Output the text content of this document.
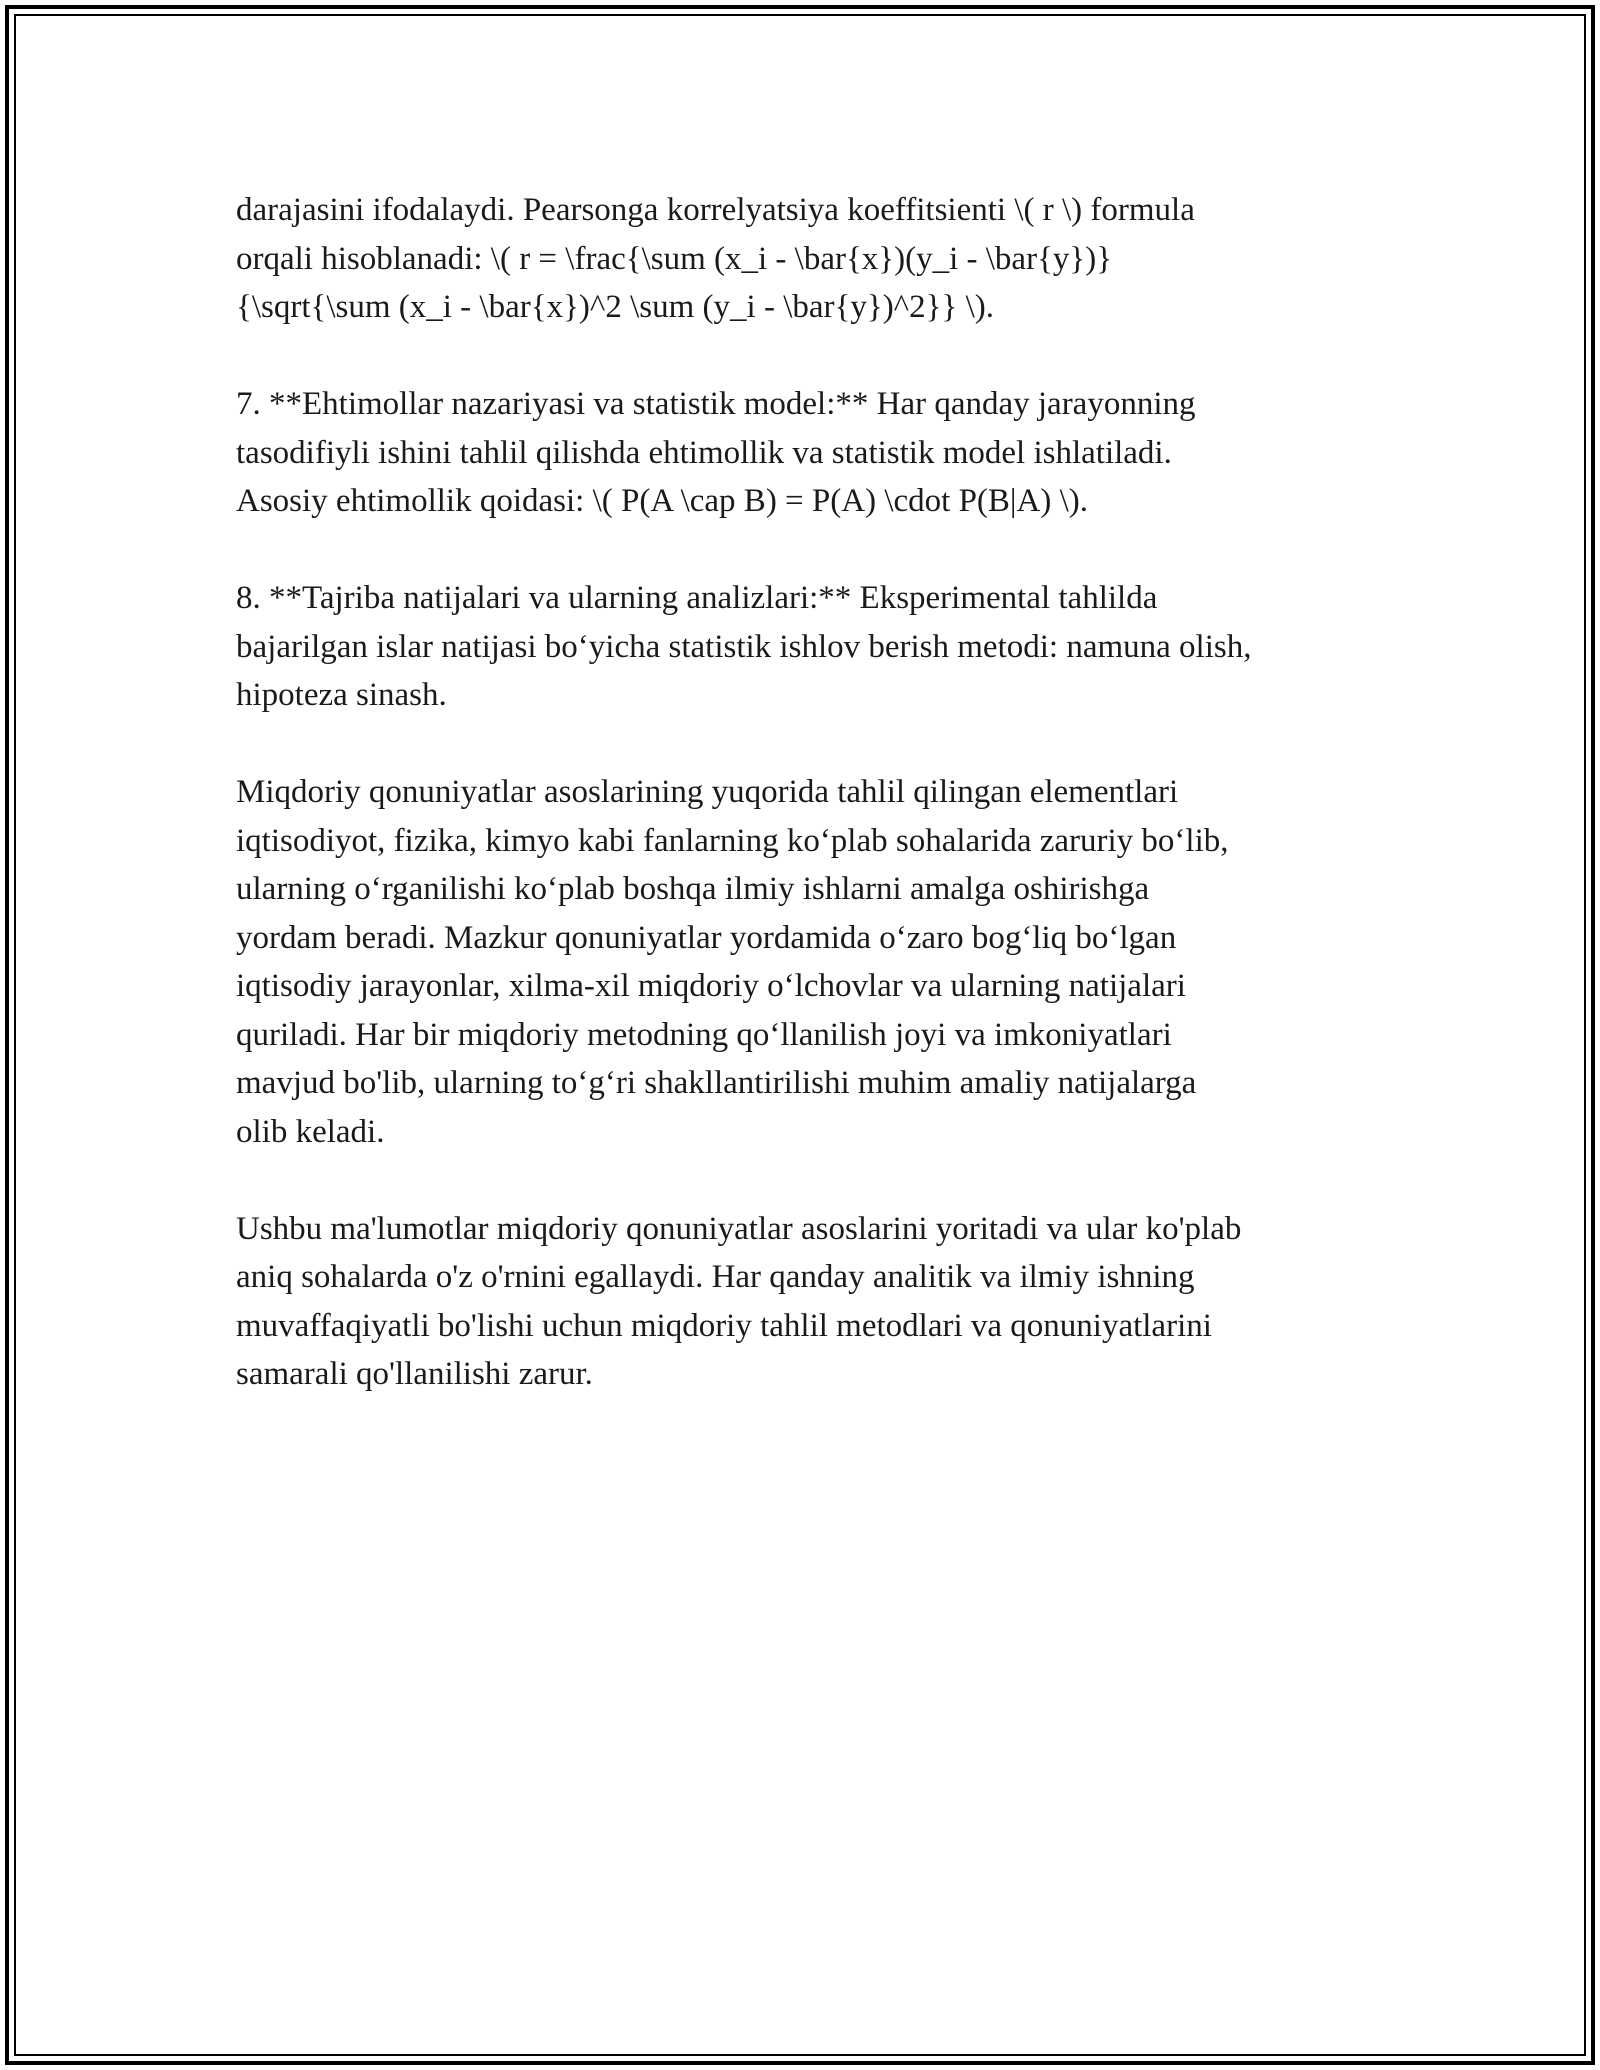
darajasini ifodalaydi. Pearsonga korrelyatsiya koeffitsienti \( r \) formula
orqali hisoblanadi: \( r = \frac{\sum (x_i - \bar{x})(y_i - \bar{y})}
{\sqrt{\sum (x_i - \bar{x})^2 \sum (y_i - \bar{y})^2}} \).

7. **Ehtimollar nazariyasi va statistik model:** Har qanday jarayonning
tasodifiyli ishini tahlil qilishda ehtimollik va statistik model ishlatiladi.
Asosiy ehtimollik qoidasi: \( P(A \cap B) = P(A) \cdot P(B|A) \).

8. **Tajriba natijalari va ularning analizlari:** Eksperimental tahlilda
bajarilgan islar natijasi bo‘yicha statistik ishlov berish metodi: namuna olish,
hipoteza sinash.

Miqdoriy qonuniyatlar asoslarining yuqorida tahlil qilingan elementlari
iqtisodiyot, fizika, kimyo kabi fanlarning ko‘plab sohalarida zaruriy bo‘lib,
ularning o‘rganilishi ko‘plab boshqa ilmiy ishlarni amalga oshirishga
yordam beradi. Mazkur qonuniyatlar yordamida o‘zaro bog‘liq bo‘lgan
iqtisodiy jarayonlar, xilma-xil miqdoriy o‘lchovlar va ularning natijalari
quriladi. Har bir miqdoriy metodning qo‘llanilish joyi va imkoniyatlari
mavjud bo'lib, ularning to‘g‘ri shakllantirilishi muhim amaliy natijalarga
olib keladi.

Ushbu ma'lumotlar miqdoriy qonuniyatlar asoslarini yoritadi va ular ko'plab
aniq sohalarda o'z o'rnini egallaydi. Har qanday analitik va ilmiy ishning
muvaffaqiyatli bo'lishi uchun miqdoriy tahlil metodlari va qonuniyatlarini
samarali qo'llanilishi zarur.
